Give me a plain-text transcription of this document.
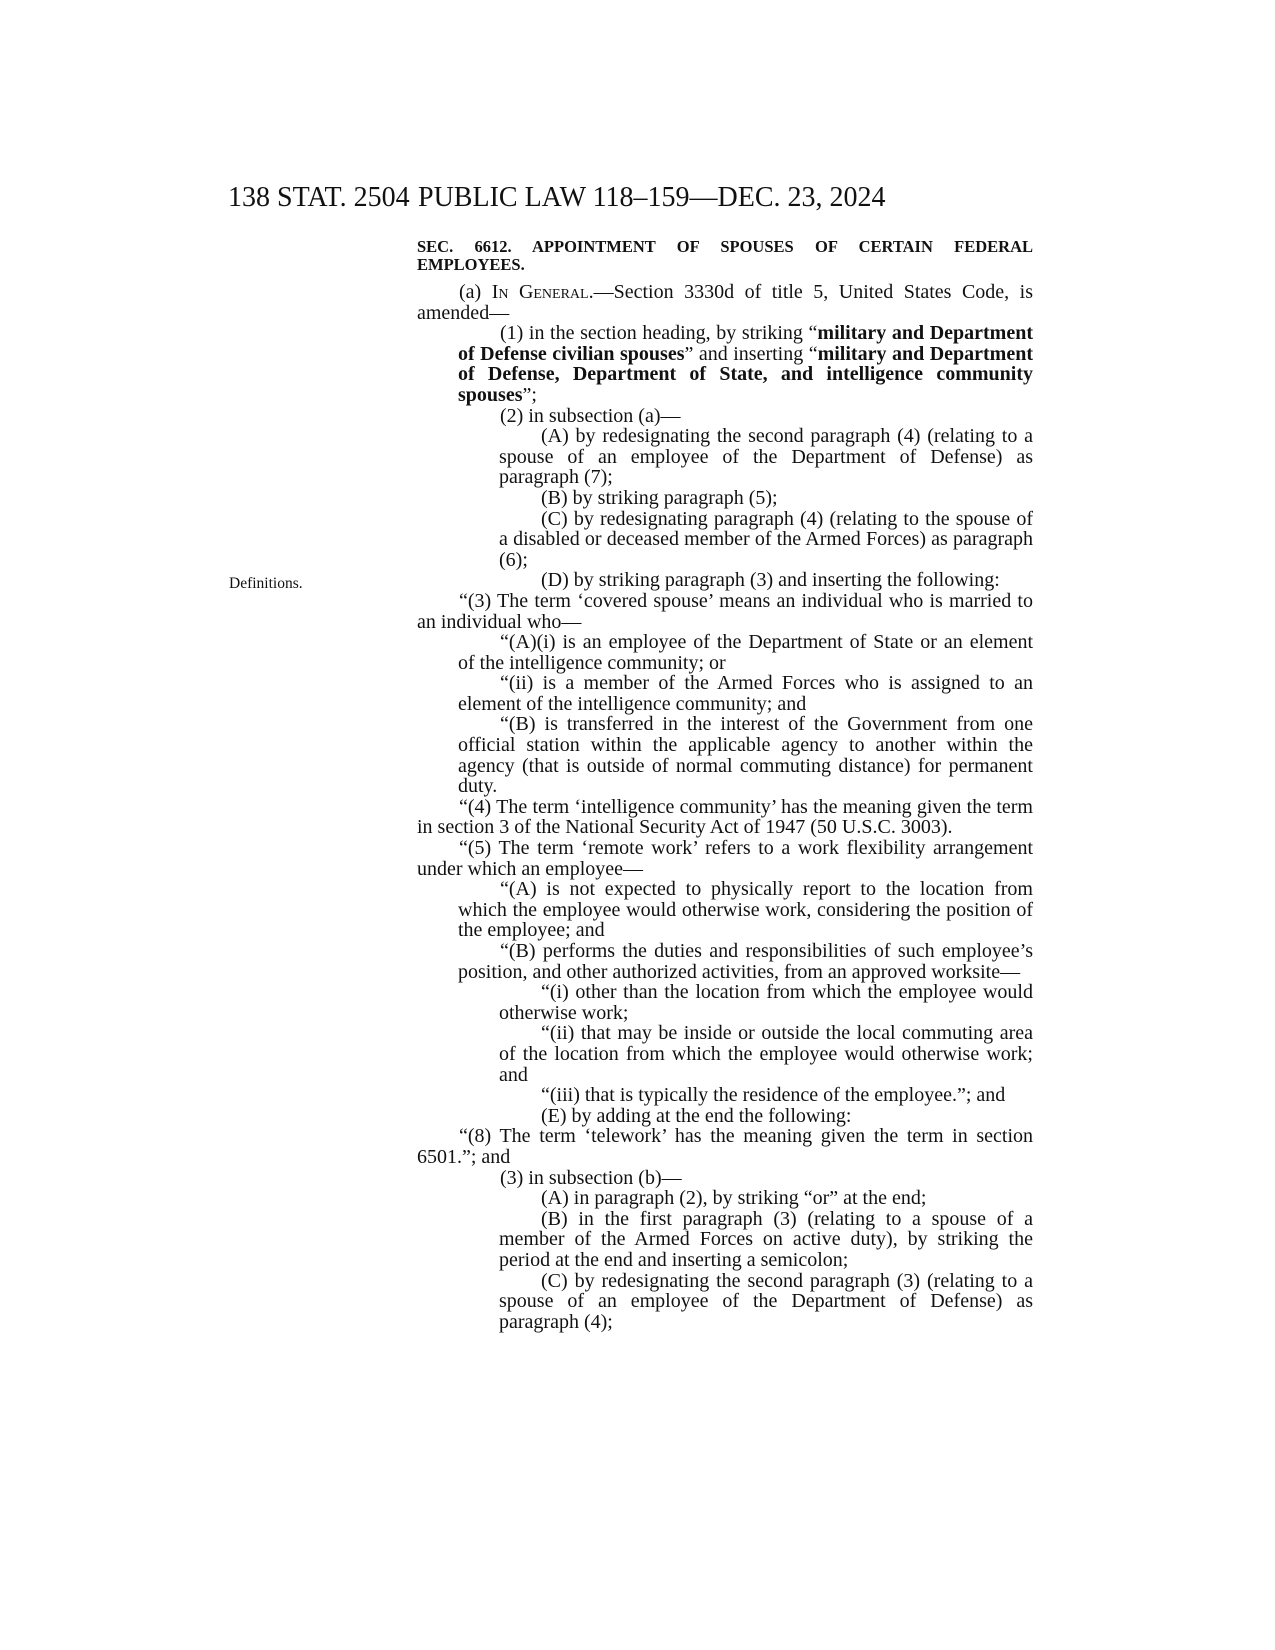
138 STAT. 2504 PUBLIC LAW 118–159—DEC. 23, 2024
Definitions.
SEC. 6612. APPOINTMENT OF SPOUSES OF CERTAIN FEDERAL
EMPLOYEES.

(a) In General.—Section 3330d of title 5, United States Code, is amended—

(1) in the section heading, by striking “military and Department of Defense civilian spouses” and inserting “military and Department of Defense, Department of State, and intelligence community spouses”;

(2) in subsection (a)—

(A) by redesignating the second paragraph (4) (relating to a spouse of an employee of the Department of Defense) as paragraph (7);

(B) by striking paragraph (5);

(C) by redesignating paragraph (4) (relating to the spouse of a disabled or deceased member of the Armed Forces) as paragraph (6);

(D) by striking paragraph (3) and inserting the following:

“(3) The term ‘covered spouse’ means an individual who is married to an individual who—

“(A)(i) is an employee of the Department of State or an element of the intelligence community; or

“(ii) is a member of the Armed Forces who is assigned to an element of the intelligence community; and

“(B) is transferred in the interest of the Government from one official station within the applicable agency to another within the agency (that is outside of normal commuting distance) for permanent duty.

“(4) The term ‘intelligence community’ has the meaning given the term in section 3 of the National Security Act of 1947 (50 U.S.C. 3003).

“(5) The term ‘remote work’ refers to a work flexibility arrangement under which an employee—

“(A) is not expected to physically report to the location from which the employee would otherwise work, considering the position of the employee; and

“(B) performs the duties and responsibilities of such employee’s position, and other authorized activities, from an approved worksite—

“(i) other than the location from which the employee would otherwise work;

“(ii) that may be inside or outside the local commuting area of the location from which the employee would otherwise work; and

“(iii) that is typically the residence of the employee.”; and

(E) by adding at the end the following:

“(8) The term ‘telework’ has the meaning given the term in section 6501.”; and

(3) in subsection (b)—

(A) in paragraph (2), by striking “or” at the end;

(B) in the first paragraph (3) (relating to a spouse of a member of the Armed Forces on active duty), by striking the period at the end and inserting a semicolon;

(C) by redesignating the second paragraph (3) (relating to a spouse of an employee of the Department of Defense) as paragraph (4);
